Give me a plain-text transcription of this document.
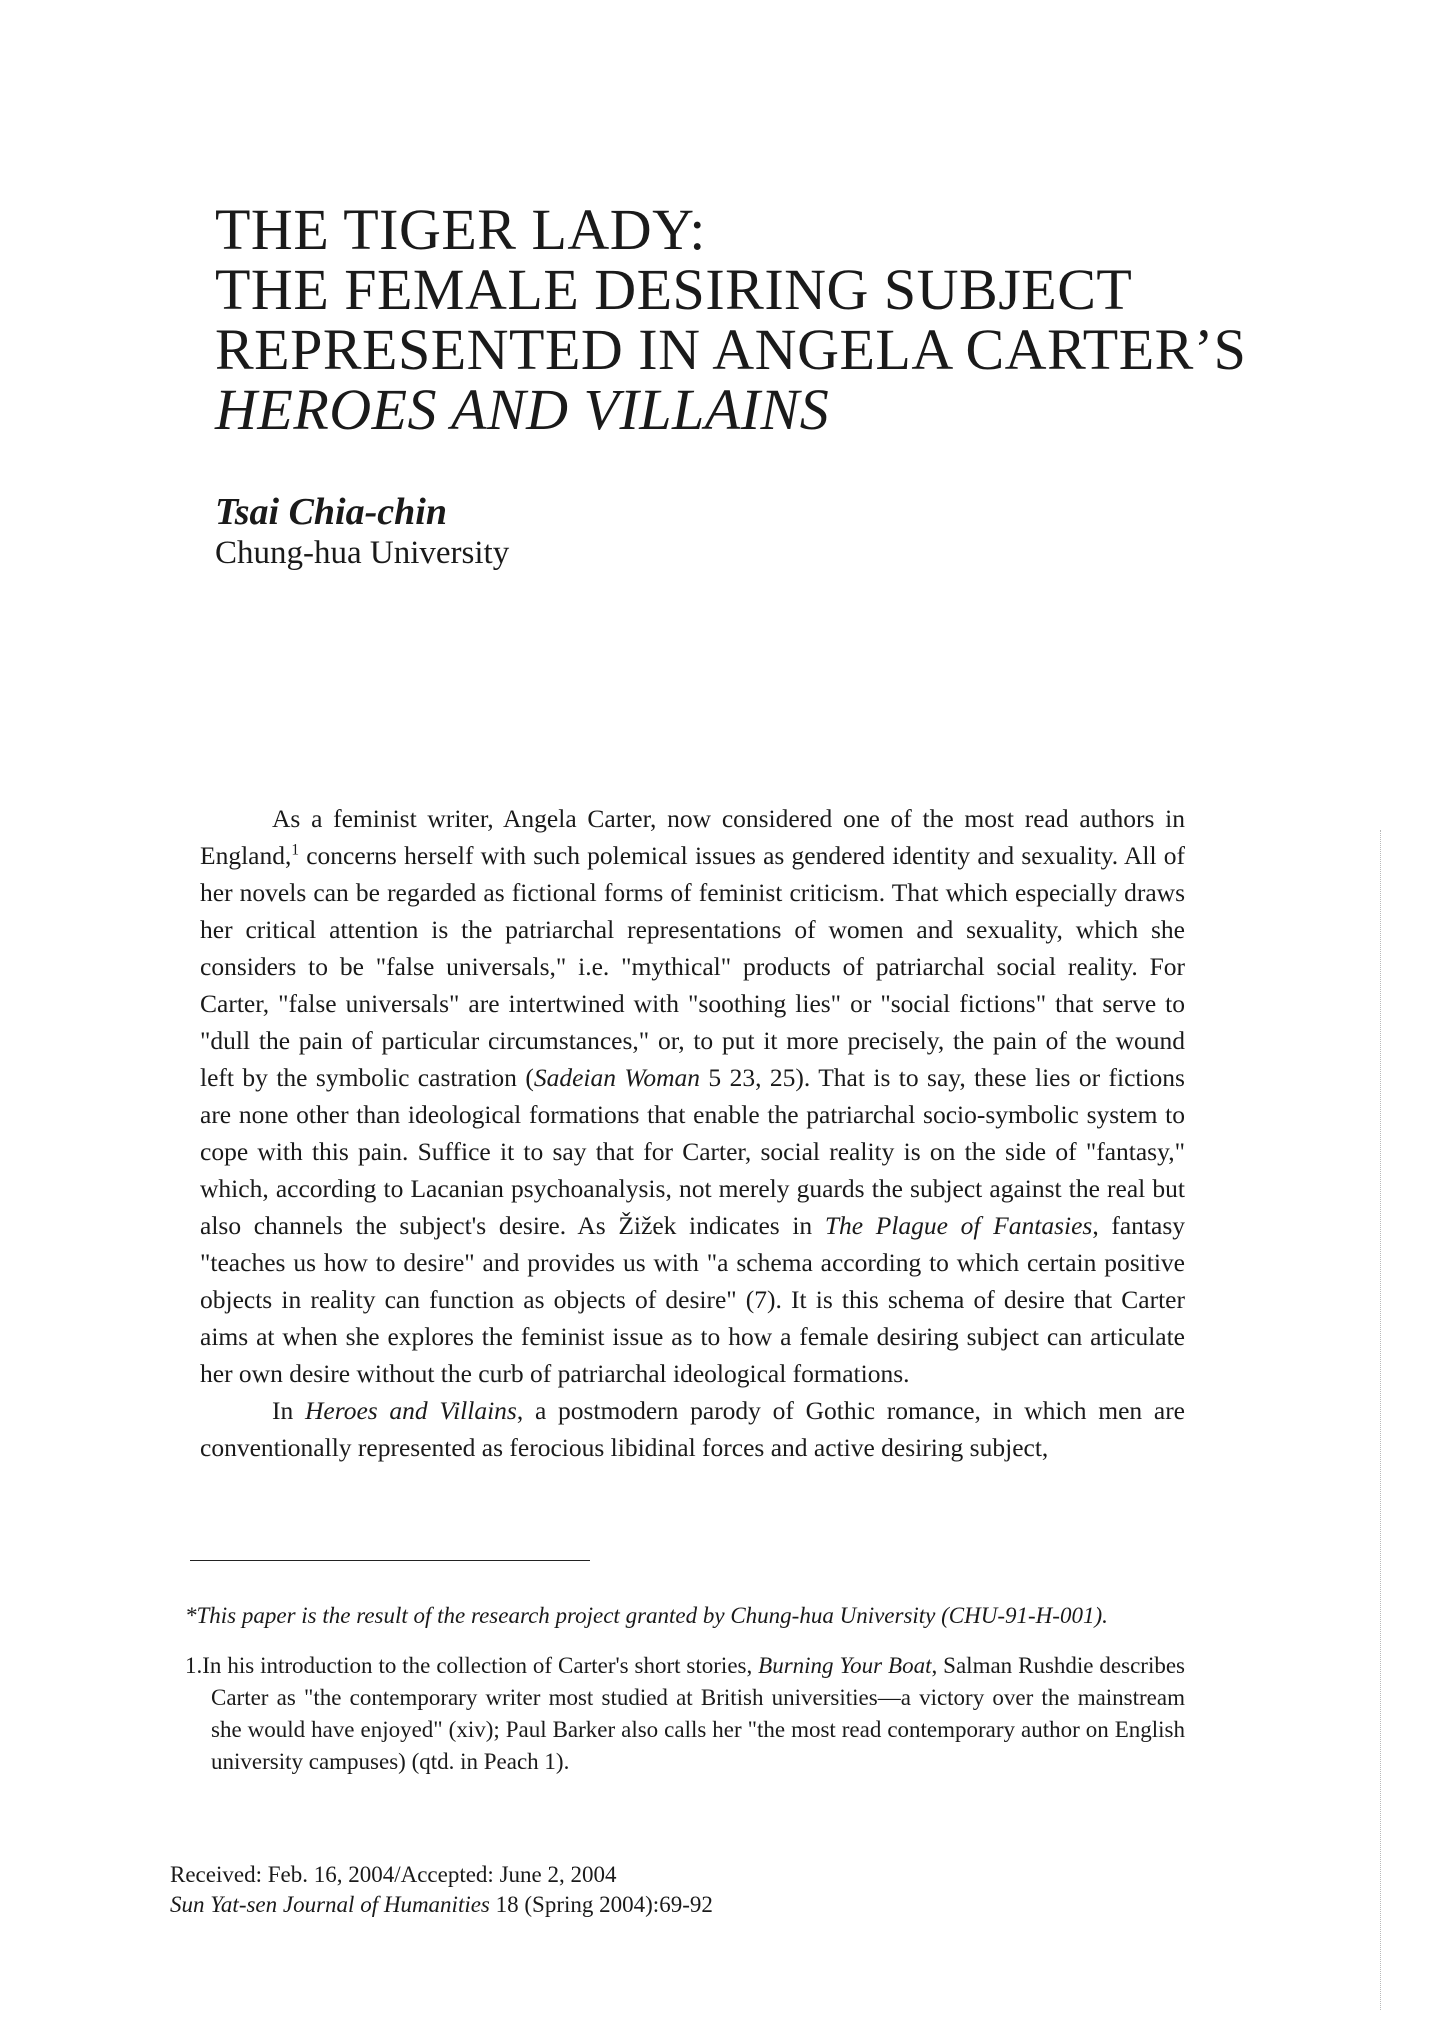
THE TIGER LADY:
THE FEMALE DESIRING SUBJECT
REPRESENTED IN ANGELA CARTER’S
HEROES AND VILLAINS
Tsai Chia-chin
Chung-hua University

As a feminist writer, Angela Carter, now considered one of the most read authors in England,$^1$ concerns herself with such polemical issues as gendered identity and sexuality. All of her novels can be regarded as fictional forms of feminist criticism. That which especially draws her critical attention is the patriarchal representations of women and sexuality, which she considers to be "false universals," i.e. "mythical" products of patriarchal social reality. For Carter, "false universals" are intertwined with "soothing lies" or "social fictions" that serve to "dull the pain of particular circumstances," or, to put it more precisely, the pain of the wound left by the symbolic castration (Sadeian Woman 5 23, 25). That is to say, these lies or fictions are none other than ideological formations that enable the patriarchal socio-symbolic system to cope with this pain. Suffice it to say that for Carter, social reality is on the side of "fantasy," which, according to Lacanian psychoanalysis, not merely guards the subject against the real but also channels the subject's desire. As Žižek indicates in The Plague of Fantasies, fantasy "teaches us how to desire" and provides us with "a schema according to which certain positive objects in reality can function as objects of desire" (7). It is this schema of desire that Carter aims at when she explores the feminist issue as to how a female desiring subject can articulate her own desire without the curb of patriarchal ideological formations.

In Heroes and Villains, a postmodern parody of Gothic romance, in which men are conventionally represented as ferocious libidinal forces and active desiring subject,

*This paper is the result of the research project granted by Chung-hua University (CHU-91-H-001).

1.In his introduction to the collection of Carter's short stories, Burning Your Boat, Salman Rushdie describes Carter as "the contemporary writer most studied at British universities—a victory over the mainstream she would have enjoyed" (xiv); Paul Barker also calls her "the most read contemporary author on English university campuses) (qtd. in Peach 1).

Received: Feb. 16, 2004/Accepted: June 2, 2004
Sun Yat-sen Journal of Humanities 18 (Spring 2004):69-92
